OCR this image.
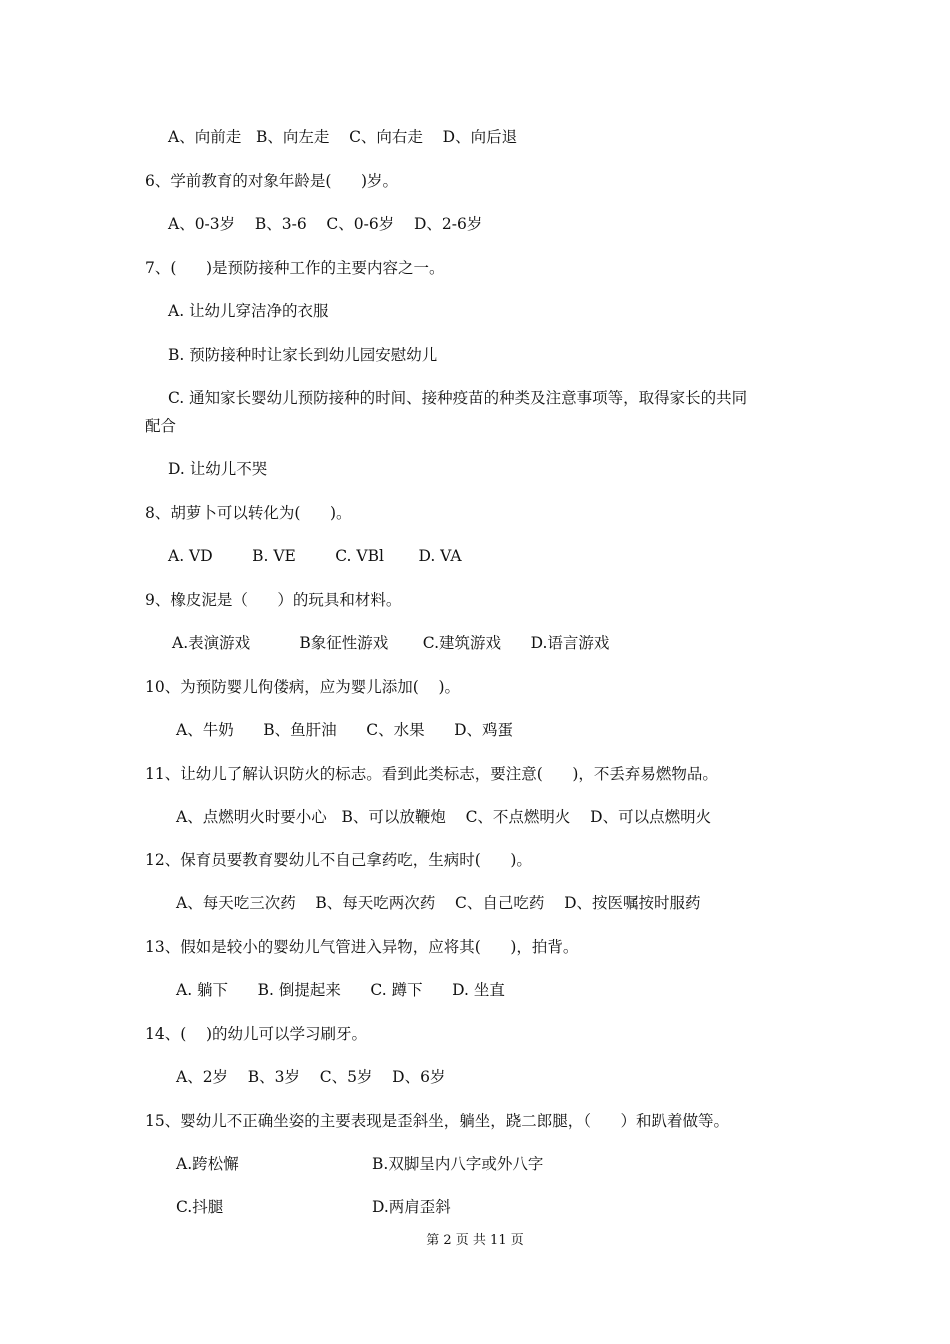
A、向前走   B、向左走    C、向右走    D、向后退
6、学前教育的对象年龄是(      )岁。
A、0-3岁    B、3-6    C、0-6岁    D、2-6岁
7、(      )是预防接种工作的主要内容之一。
A. 让幼儿穿洁净的衣服
B. 预防接种时让家长到幼儿园安慰幼儿
C. 通知家长婴幼儿预防接种的时间、接种疫苗的种类及注意事项等，取得家长的共同
配合
D. 让幼儿不哭
8、胡萝卜可以转化为(      )。
A. VD        B. VE        C. VBl       D. VA
9、橡皮泥是（      ）的玩具和材料。
A.表演游戏          B象征性游戏       C.建筑游戏      D.语言游戏
10、为预防婴儿佝偻病，应为婴儿添加(    )。
A、牛奶      B、鱼肝油      C、水果      D、鸡蛋
11、让幼儿了解认识防火的标志。看到此类标志，要注意(      )，不丢弃易燃物品。
A、点燃明火时要小心   B、可以放鞭炮    C、不点燃明火    D、可以点燃明火
12、保育员要教育婴幼儿不自己拿药吃，生病时(      )。
A、每天吃三次药    B、每天吃两次药    C、自己吃药    D、按医嘱按时服药
13、假如是较小的婴幼儿气管进入异物，应将其(      )，拍背。
A. 躺下      B. 倒提起来      C. 蹲下      D. 坐直
14、(    )的幼儿可以学习刷牙。
A、2岁    B、3岁    C、5岁    D、6岁
15、婴幼儿不正确坐姿的主要表现是歪斜坐，躺坐，跷二郎腿，（      ）和趴着做等。
A.跨松懈	B.双脚呈内八字或外八字
C.抖腿	D.两肩歪斜
第 2 页 共 11 页
